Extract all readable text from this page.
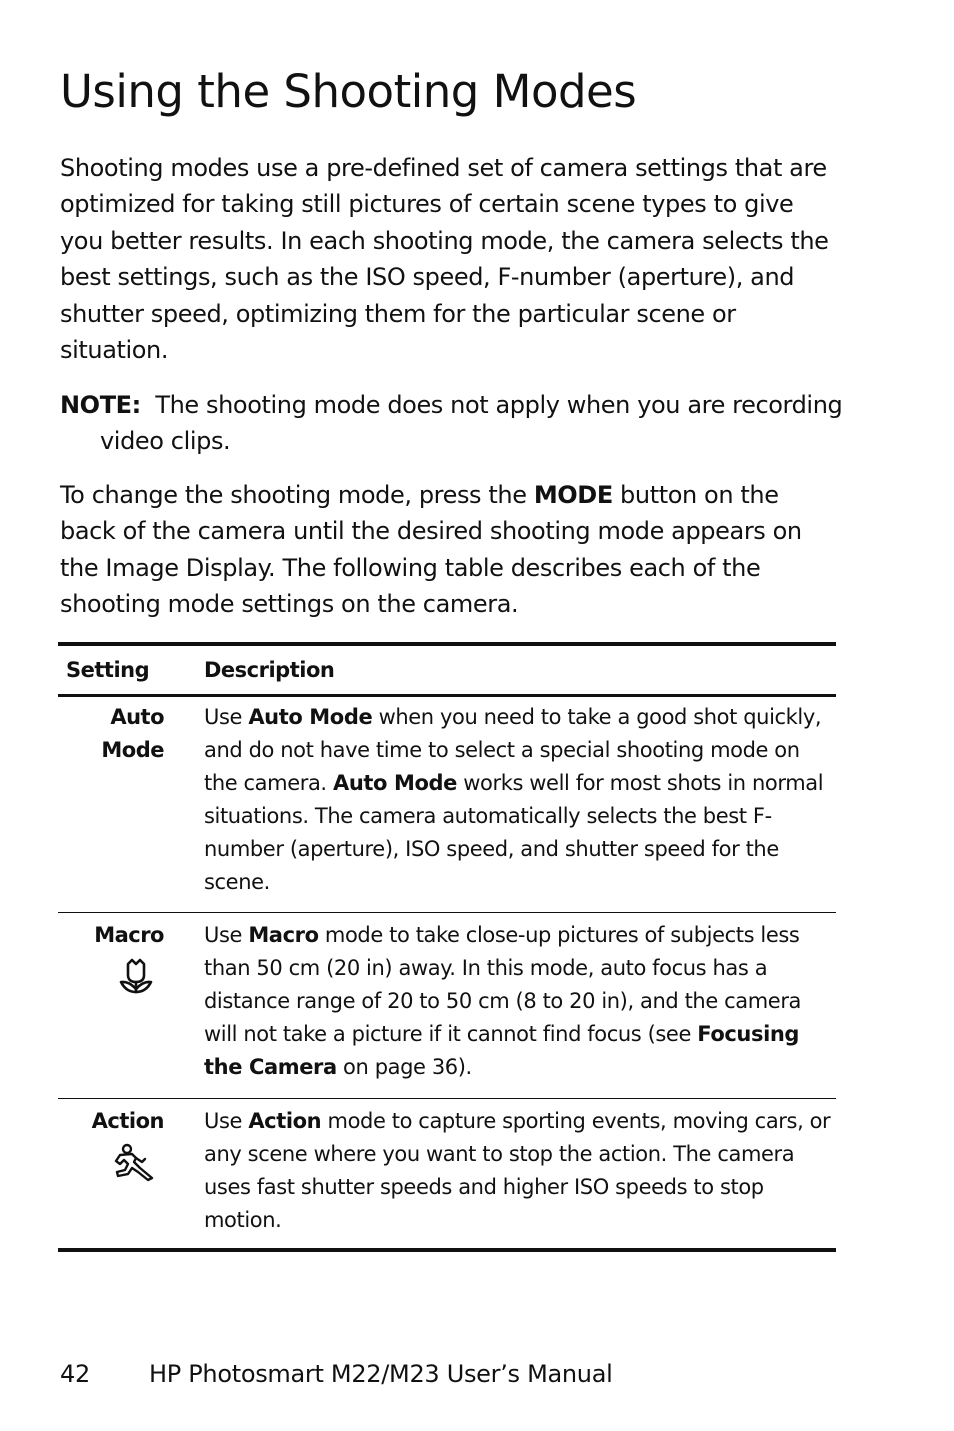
Using the Shooting Modes

Shooting modes use a pre-defined set of camera settings that are optimized for taking still pictures of certain scene types to give you better results. In each shooting mode, the camera selects the best settings, such as the ISO speed, F-number (aperture), and shutter speed, optimizing them for the particular scene or situation.

NOTE: The shooting mode does not apply when you are recording video clips.

To change the shooting mode, press the MODE button on the back of the camera until the desired shooting mode appears on the Image Display. The following table describes each of the shooting mode settings on the camera.

Setting	Description
Auto
Mode
Use Auto Mode when you need to take a good shot quickly, and do not have time to select a special shooting mode on the camera. Auto Mode works well for most shots in normal situations. The camera automatically selects the best F-number (aperture), ISO speed, and shutter speed for the scene.
Macro Use Macro mode to take close-up pictures of subjects less than 50 cm (20 in) away. In this mode, auto focus has a distance range of 20 to 50 cm (8 to 20 in), and the camera will not take a picture if it cannot find focus (see Focusing the Camera on page 36).
Action Use Action mode to capture sporting events, moving cars, or any scene where you want to stop the action. The camera uses fast shutter speeds and higher ISO speeds to stop motion.
42 HP Photosmart M22/M23 User’s Manual
